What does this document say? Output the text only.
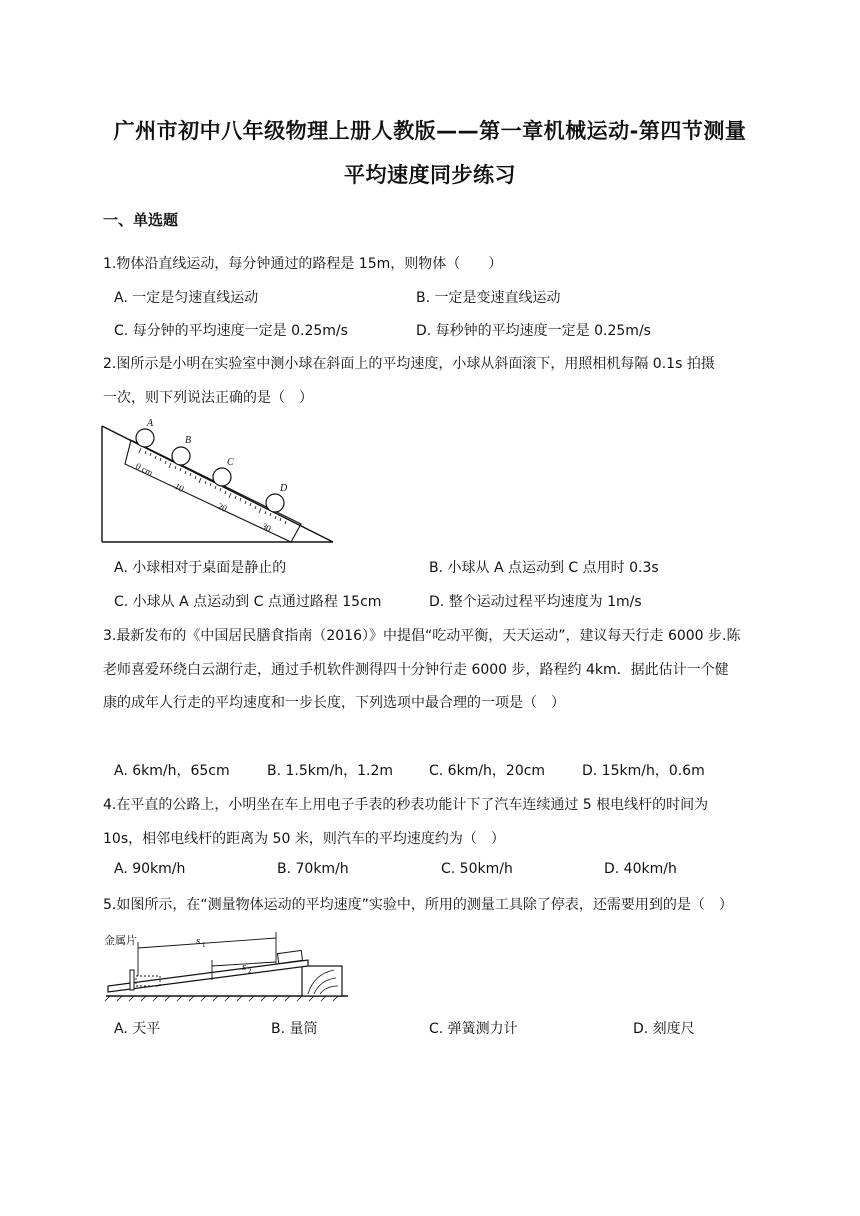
广州市初中八年级物理上册人教版——第一章机械运动-第四节测量
平均速度同步练习
一、单选题
1.物体沿直线运动，每分钟通过的路程是 15m，则物体（　　）
A. 一定是匀速直线运动	B. 一定是变速直线运动
C. 每分钟的平均速度一定是 0.25m/s	D. 每秒钟的平均速度一定是 0.25m/s
2.图所示是小明在实验室中测小球在斜面上的平均速度，小球从斜面滚下，用照相机每隔 0.1s 拍摄
一次，则下列说法正确的是（　）
0 cm
10
20
30
A
B
C
D
A. 小球相对于桌面是静止的	B. 小球从 A 点运动到 C 点用时 0.3s
C. 小球从 A 点运动到 C 点通过路程 15cm	D. 整个运动过程平均速度为 1m/s
3.最新发布的《中国居民膳食指南（2016）》中提倡“吃动平衡，天天运动”，建议每天行走 6000 步.陈
老师喜爱环绕白云湖行走，通过手机软件测得四十分钟行走 6000 步，路程约 4km．据此估计一个健
康的成年人行走的平均速度和一步长度，下列选项中最合理的一项是（　）
A. 6km/h，65cm	B. 1.5km/h，1.2m	C. 6km/h，20cm	D. 15km/h，0.6m
4.在平直的公路上，小明坐在车上用电子手表的秒表功能计下了汽车连续通过 5 根电线杆的时间为
10s，相邻电线杆的距离为 50 米，则汽车的平均速度约为（　）
A. 90km/h	B. 70km/h	C. 50km/h	D. 40km/h
5.如图所示，在“测量物体运动的平均速度”实验中，所用的测量工具除了停表，还需要用到的是（　）
金属片	s 1
s 2
A. 天平	B. 量筒	C. 弹簧测力计	D. 刻度尺
